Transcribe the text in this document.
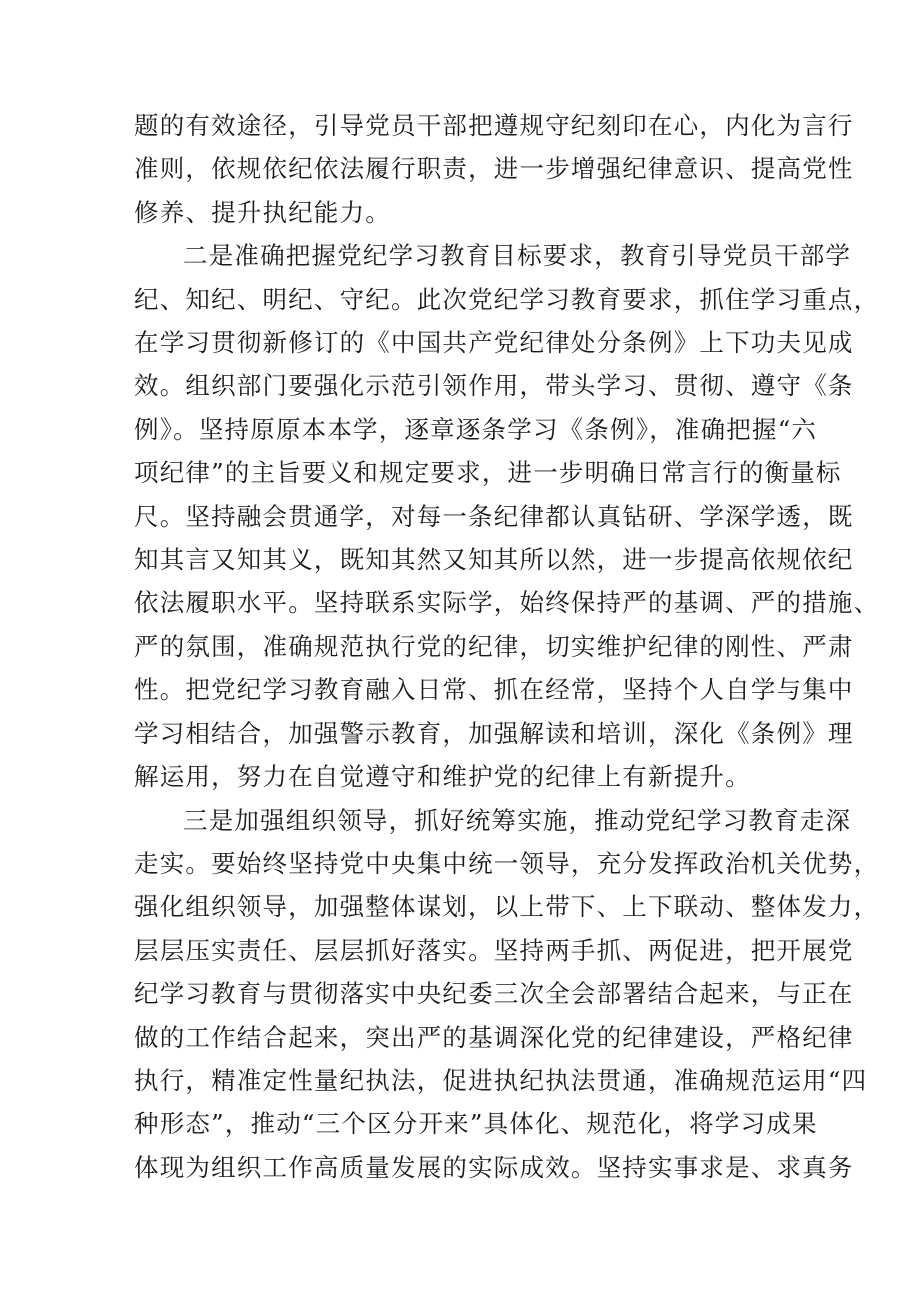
题的有效途径，引导党员干部把遵规守纪刻印在心，内化为言行
准则，依规依纪依法履行职责，进一步增强纪律意识、提高党性
修养、提升执纪能力。
二是准确把握党纪学习教育目标要求，教育引导党员干部学
纪、知纪、明纪、守纪。此次党纪学习教育要求，抓住学习重点，
在学习贯彻新修订的《中国共产党纪律处分条例》上下功夫见成
效。组织部门要强化示范引领作用，带头学习、贯彻、遵守《条
例》。坚持原原本本学，逐章逐条学习《条例》，准确把握“六
项纪律”的主旨要义和规定要求，进一步明确日常言行的衡量标
尺。坚持融会贯通学，对每一条纪律都认真钻研、学深学透，既
知其言又知其义，既知其然又知其所以然，进一步提高依规依纪
依法履职水平。坚持联系实际学，始终保持严的基调、严的措施、
严的氛围，准确规范执行党的纪律，切实维护纪律的刚性、严肃
性。把党纪学习教育融入日常、抓在经常，坚持个人自学与集中
学习相结合，加强警示教育，加强解读和培训，深化《条例》理
解运用，努力在自觉遵守和维护党的纪律上有新提升。
三是加强组织领导，抓好统筹实施，推动党纪学习教育走深
走实。要始终坚持党中央集中统一领导，充分发挥政治机关优势，
强化组织领导，加强整体谋划，以上带下、上下联动、整体发力，
层层压实责任、层层抓好落实。坚持两手抓、两促进，把开展党
纪学习教育与贯彻落实中央纪委三次全会部署结合起来，与正在
做的工作结合起来，突出严的基调深化党的纪律建设，严格纪律
执行，精准定性量纪执法，促进执纪执法贯通，准确规范运用“四
种形态”，推动“三个区分开来”具体化、规范化，将学习成果
体现为组织工作高质量发展的实际成效。坚持实事求是、求真务
